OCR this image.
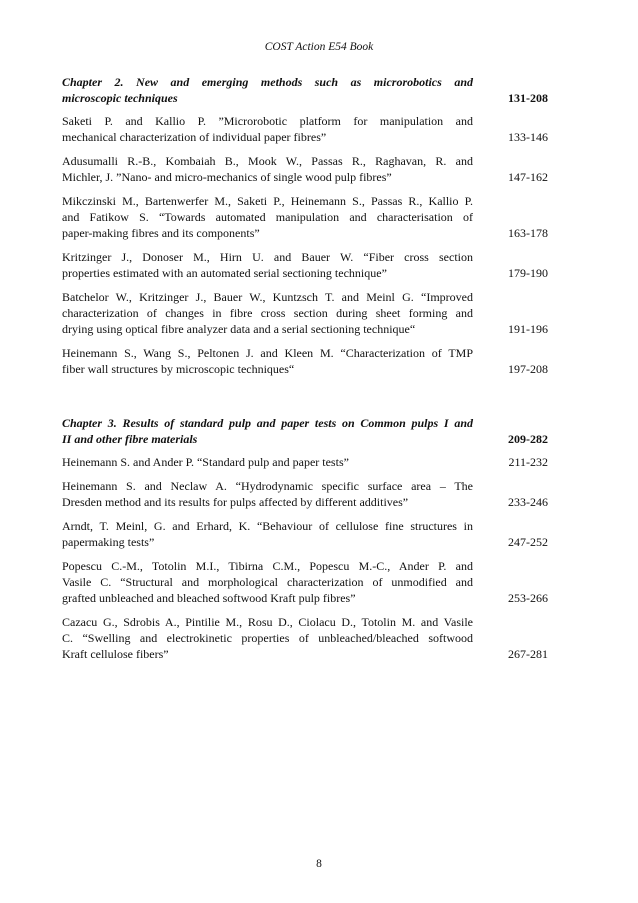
COST Action E54 Book
Chapter 2. New and emerging methods such as microrobotics and
microscopic techniques	131-208
Saketi P. and Kallio P. ”Microrobotic platform for manipulation and
mechanical characterization of individual paper fibres”	133-146
Adusumalli R.-B., Kombaiah B., Mook W., Passas R., Raghavan, R. and
Michler, J. ”Nano- and micro-mechanics of single wood pulp fibres”	147-162
Mikczinski M., Bartenwerfer M., Saketi P., Heinemann S., Passas R., Kallio P.
and Fatikow S. “Towards automated manipulation and characterisation of
paper-making fibres and its components”	163-178
Kritzinger J., Donoser M., Hirn U. and Bauer W. “Fiber cross section
properties estimated with an automated serial sectioning technique”	179-190
Batchelor W., Kritzinger J., Bauer W., Kuntzsch T. and Meinl G. “Improved
characterization of changes in fibre cross section during sheet forming and
drying using optical fibre analyzer data and a serial sectioning technique“	191-196
Heinemann S., Wang S., Peltonen J. and Kleen M. “Characterization of TMP
fiber wall structures by microscopic techniques“	197-208
Chapter 3. Results of standard pulp and paper tests on Common pulps I and
II and other fibre materials	209-282
Heinemann S. and Ander P. “Standard pulp and paper tests”	211-232
Heinemann S. and Neclaw A. “Hydrodynamic specific surface area – The
Dresden method and its results for pulps affected by different additives”	233-246
Arndt, T. Meinl, G. and Erhard, K. “Behaviour of cellulose fine structures in
papermaking tests”	247-252
Popescu C.-M., Totolin M.I., Tibirna C.M., Popescu M.-C., Ander P. and
Vasile C. “Structural and morphological characterization of unmodified and
grafted unbleached and bleached softwood Kraft pulp fibres”	253-266
Cazacu G., Sdrobis A., Pintilie M., Rosu D., Ciolacu D., Totolin M. and Vasile
C. “Swelling and electrokinetic properties of unbleached/bleached softwood
Kraft cellulose fibers”	267-281
8
